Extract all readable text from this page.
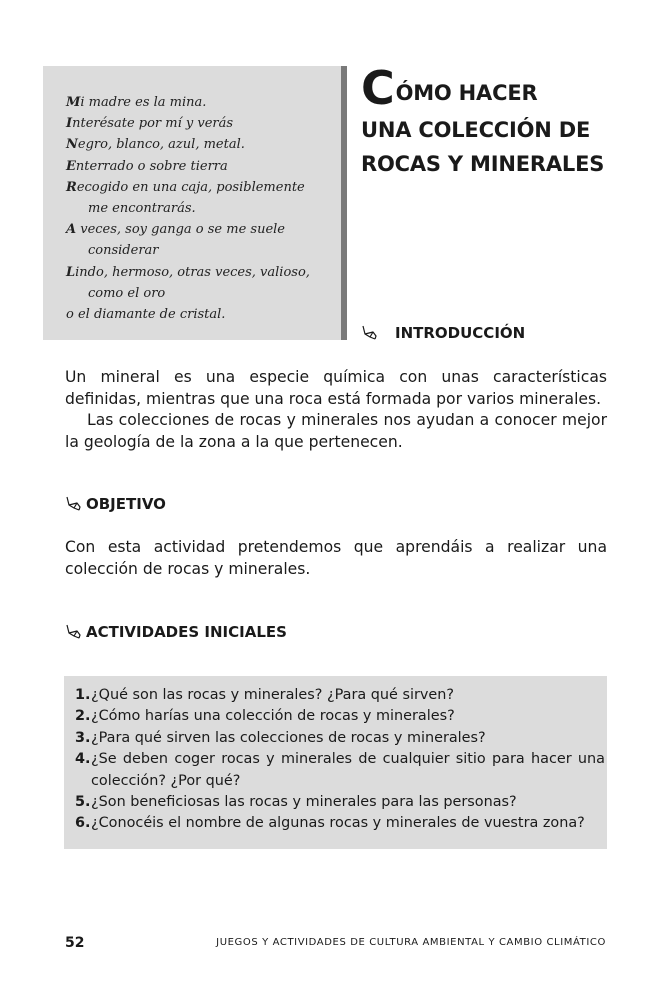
Mi madre es la mina.
Interésate por mí y verás
Negro, blanco, azul, metal.
Enterrado o sobre tierra
Recogido en una caja, posiblemente
me encontrarás.
A veces, soy ganga o se me suele
considerar
Lindo, hermoso, otras veces, valioso,
como el oro
o el diamante de cristal.
CÓMO HACER
UNA COLECCIÓN DE
ROCAS Y MINERALES
INTRODUCCIÓN

Un mineral es una especie química con unas características definidas, mientras que una roca está formada por varios minerales.

Las colecciones de rocas y minerales nos ayudan a conocer mejor la geología de la zona a la que pertenecen.

OBJETIVO

Con esta actividad pretendemos que aprendáis a realizar una colección de rocas y minerales.

ACTIVIDADES INICIALES
1. ¿Qué son las rocas y minerales? ¿Para qué sirven?
2. ¿Cómo harías una colección de rocas y minerales?
3. ¿Para qué sirven las colecciones de rocas y minerales?
4. ¿Se deben coger rocas y minerales de cualquier sitio para hacer una colección? ¿Por qué?
5. ¿Son beneficiosas las rocas y minerales para las personas?
6. ¿Conocéis el nombre de algunas rocas y minerales de vuestra zona?
52	JUEGOS Y ACTIVIDADES DE CULTURA AMBIENTAL Y CAMBIO CLIMÁTICO
